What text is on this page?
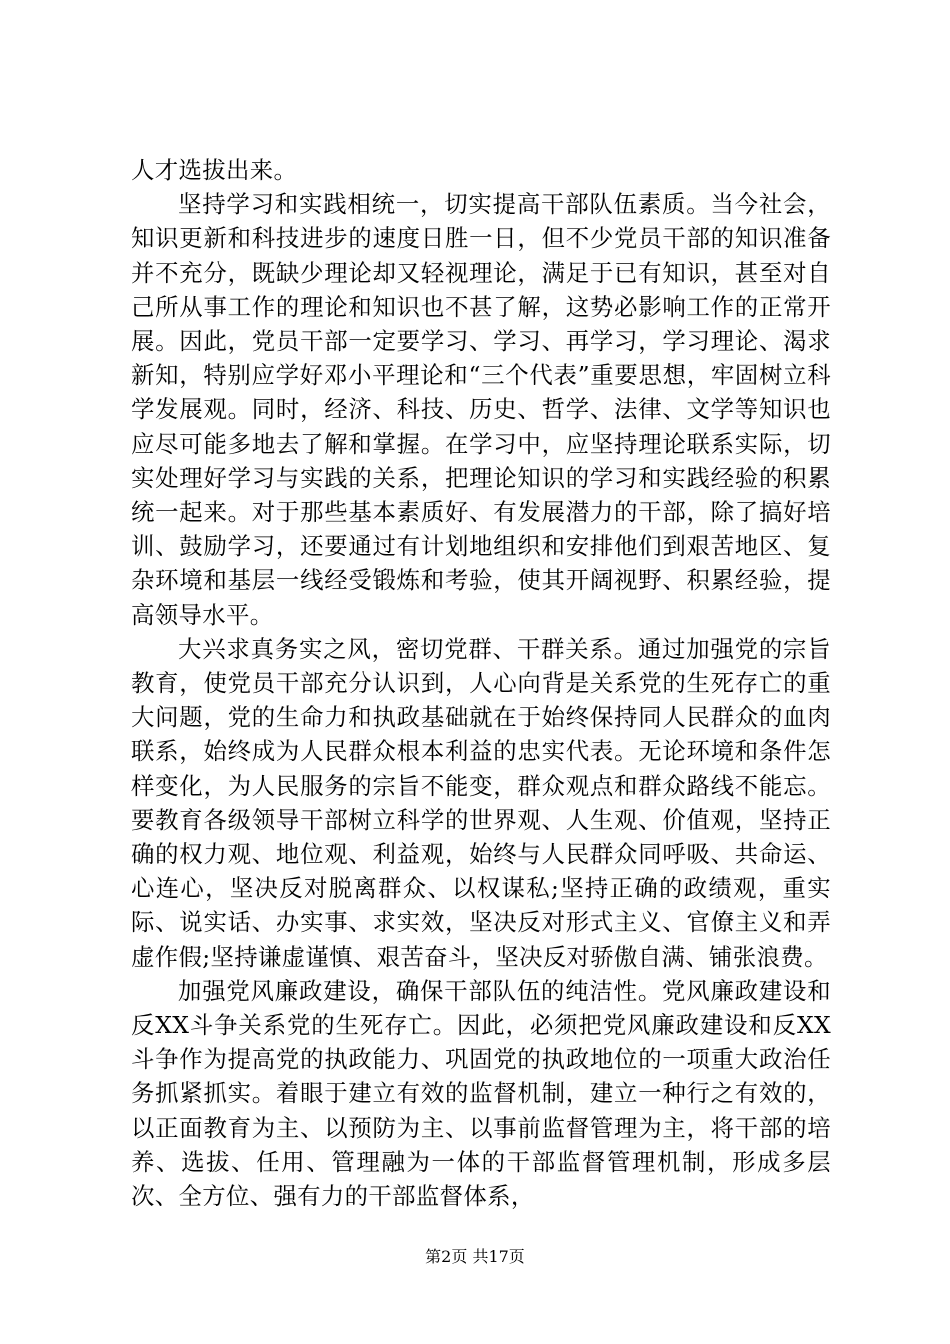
人才选拔出来。

坚持学习和实践相统一，切实提高干部队伍素质。当今社会，知识更新和科技进步的速度日胜一日，但不少党员干部的知识准备并不充分，既缺少理论却又轻视理论，满足于已有知识，甚至对自己所从事工作的理论和知识也不甚了解，这势必影响工作的正常开展。因此，党员干部一定要学习、学习、再学习，学习理论、渴求新知，特别应学好邓小平理论和“三个代表”重要思想，牢固树立科学发展观。同时，经济、科技、历史、哲学、法律、文学等知识也应尽可能多地去了解和掌握。在学习中，应坚持理论联系实际，切实处理好学习与实践的关系，把理论知识的学习和实践经验的积累统一起来。对于那些基本素质好、有发展潜力的干部，除了搞好培训、鼓励学习，还要通过有计划地组织和安排他们到艰苦地区、复杂环境和基层一线经受锻炼和考验，使其开阔视野、积累经验，提高领导水平。

大兴求真务实之风，密切党群、干群关系。通过加强党的宗旨教育，使党员干部充分认识到，人心向背是关系党的生死存亡的重大问题，党的生命力和执政基础就在于始终保持同人民群众的血肉联系，始终成为人民群众根本利益的忠实代表。无论环境和条件怎样变化，为人民服务的宗旨不能变，群众观点和群众路线不能忘。要教育各级领导干部树立科学的世界观、人生观、价值观，坚持正确的权力观、地位观、利益观，始终与人民群众同呼吸、共命运、心连心，坚决反对脱离群众、以权谋私;坚持正确的政绩观，重实际、说实话、办实事、求实效，坚决反对形式主义、官僚主义和弄虚作假;坚持谦虚谨慎、艰苦奋斗，坚决反对骄傲自满、铺张浪费。

加强党风廉政建设，确保干部队伍的纯洁性。党风廉政建设和反XX斗争关系党的生死存亡。因此，必须把党风廉政建设和反XX斗争作为提高党的执政能力、巩固党的执政地位的一项重大政治任务抓紧抓实。着眼于建立有效的监督机制，建立一种行之有效的，以正面教育为主、以预防为主、以事前监督管理为主，将干部的培养、选拔、任用、管理融为一体的干部监督管理机制，形成多层次、全方位、强有力的干部监督体系，

第2页 共17页
